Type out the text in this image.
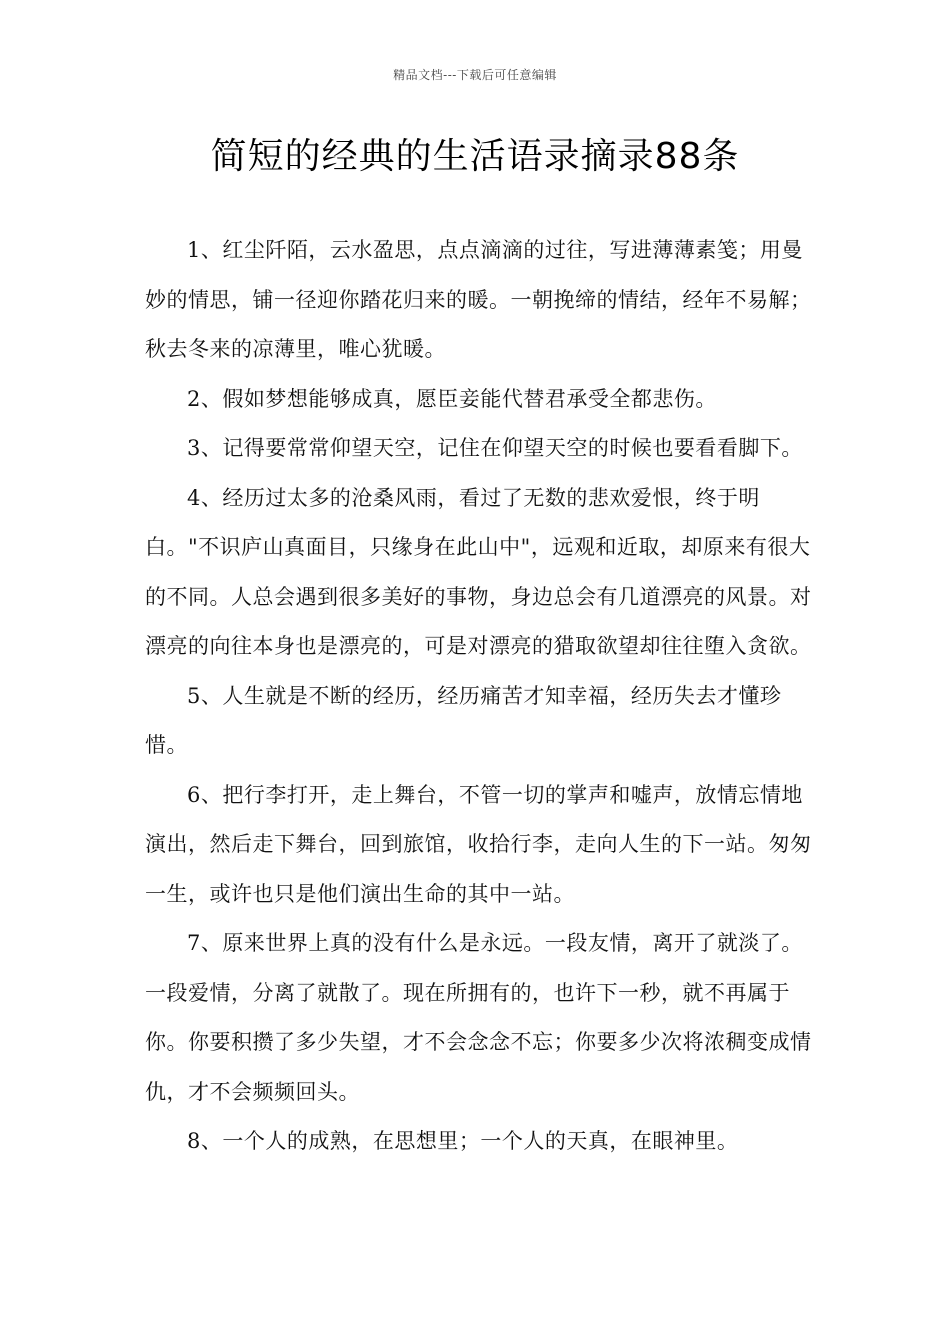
精品文档---下载后可任意编辑
简短的经典的生活语录摘录88条

1、红尘阡陌，云水盈思，点点滴滴的过往，写进薄薄素笺；用曼妙的情思，铺一径迎你踏花归来的暖。一朝挽缔的情结，经年不易解；秋去冬来的凉薄里，唯心犹暖。

2、假如梦想能够成真，愿臣妾能代替君承受全都悲伤。

3、记得要常常仰望天空，记住在仰望天空的时候也要看看脚下。

4、经历过太多的沧桑风雨，看过了无数的悲欢爱恨，终于明白。"不识庐山真面目，只缘身在此山中"，远观和近取，却原来有很大的不同。人总会遇到很多美好的事物，身边总会有几道漂亮的风景。对漂亮的向往本身也是漂亮的，可是对漂亮的猎取欲望却往往堕入贪欲。

5、人生就是不断的经历，经历痛苦才知幸福，经历失去才懂珍惜。

6、把行李打开，走上舞台，不管一切的掌声和嘘声，放情忘情地演出，然后走下舞台，回到旅馆，收拾行李，走向人生的下一站。匆匆一生，或许也只是他们演出生命的其中一站。

7、原来世界上真的没有什么是永远。一段友情，离开了就淡了。一段爱情，分离了就散了。现在所拥有的，也许下一秒，就不再属于你。你要积攒了多少失望，才不会念念不忘；你要多少次将浓稠变成情仇，才不会频频回头。

8、一个人的成熟，在思想里；一个人的天真，在眼神里。
